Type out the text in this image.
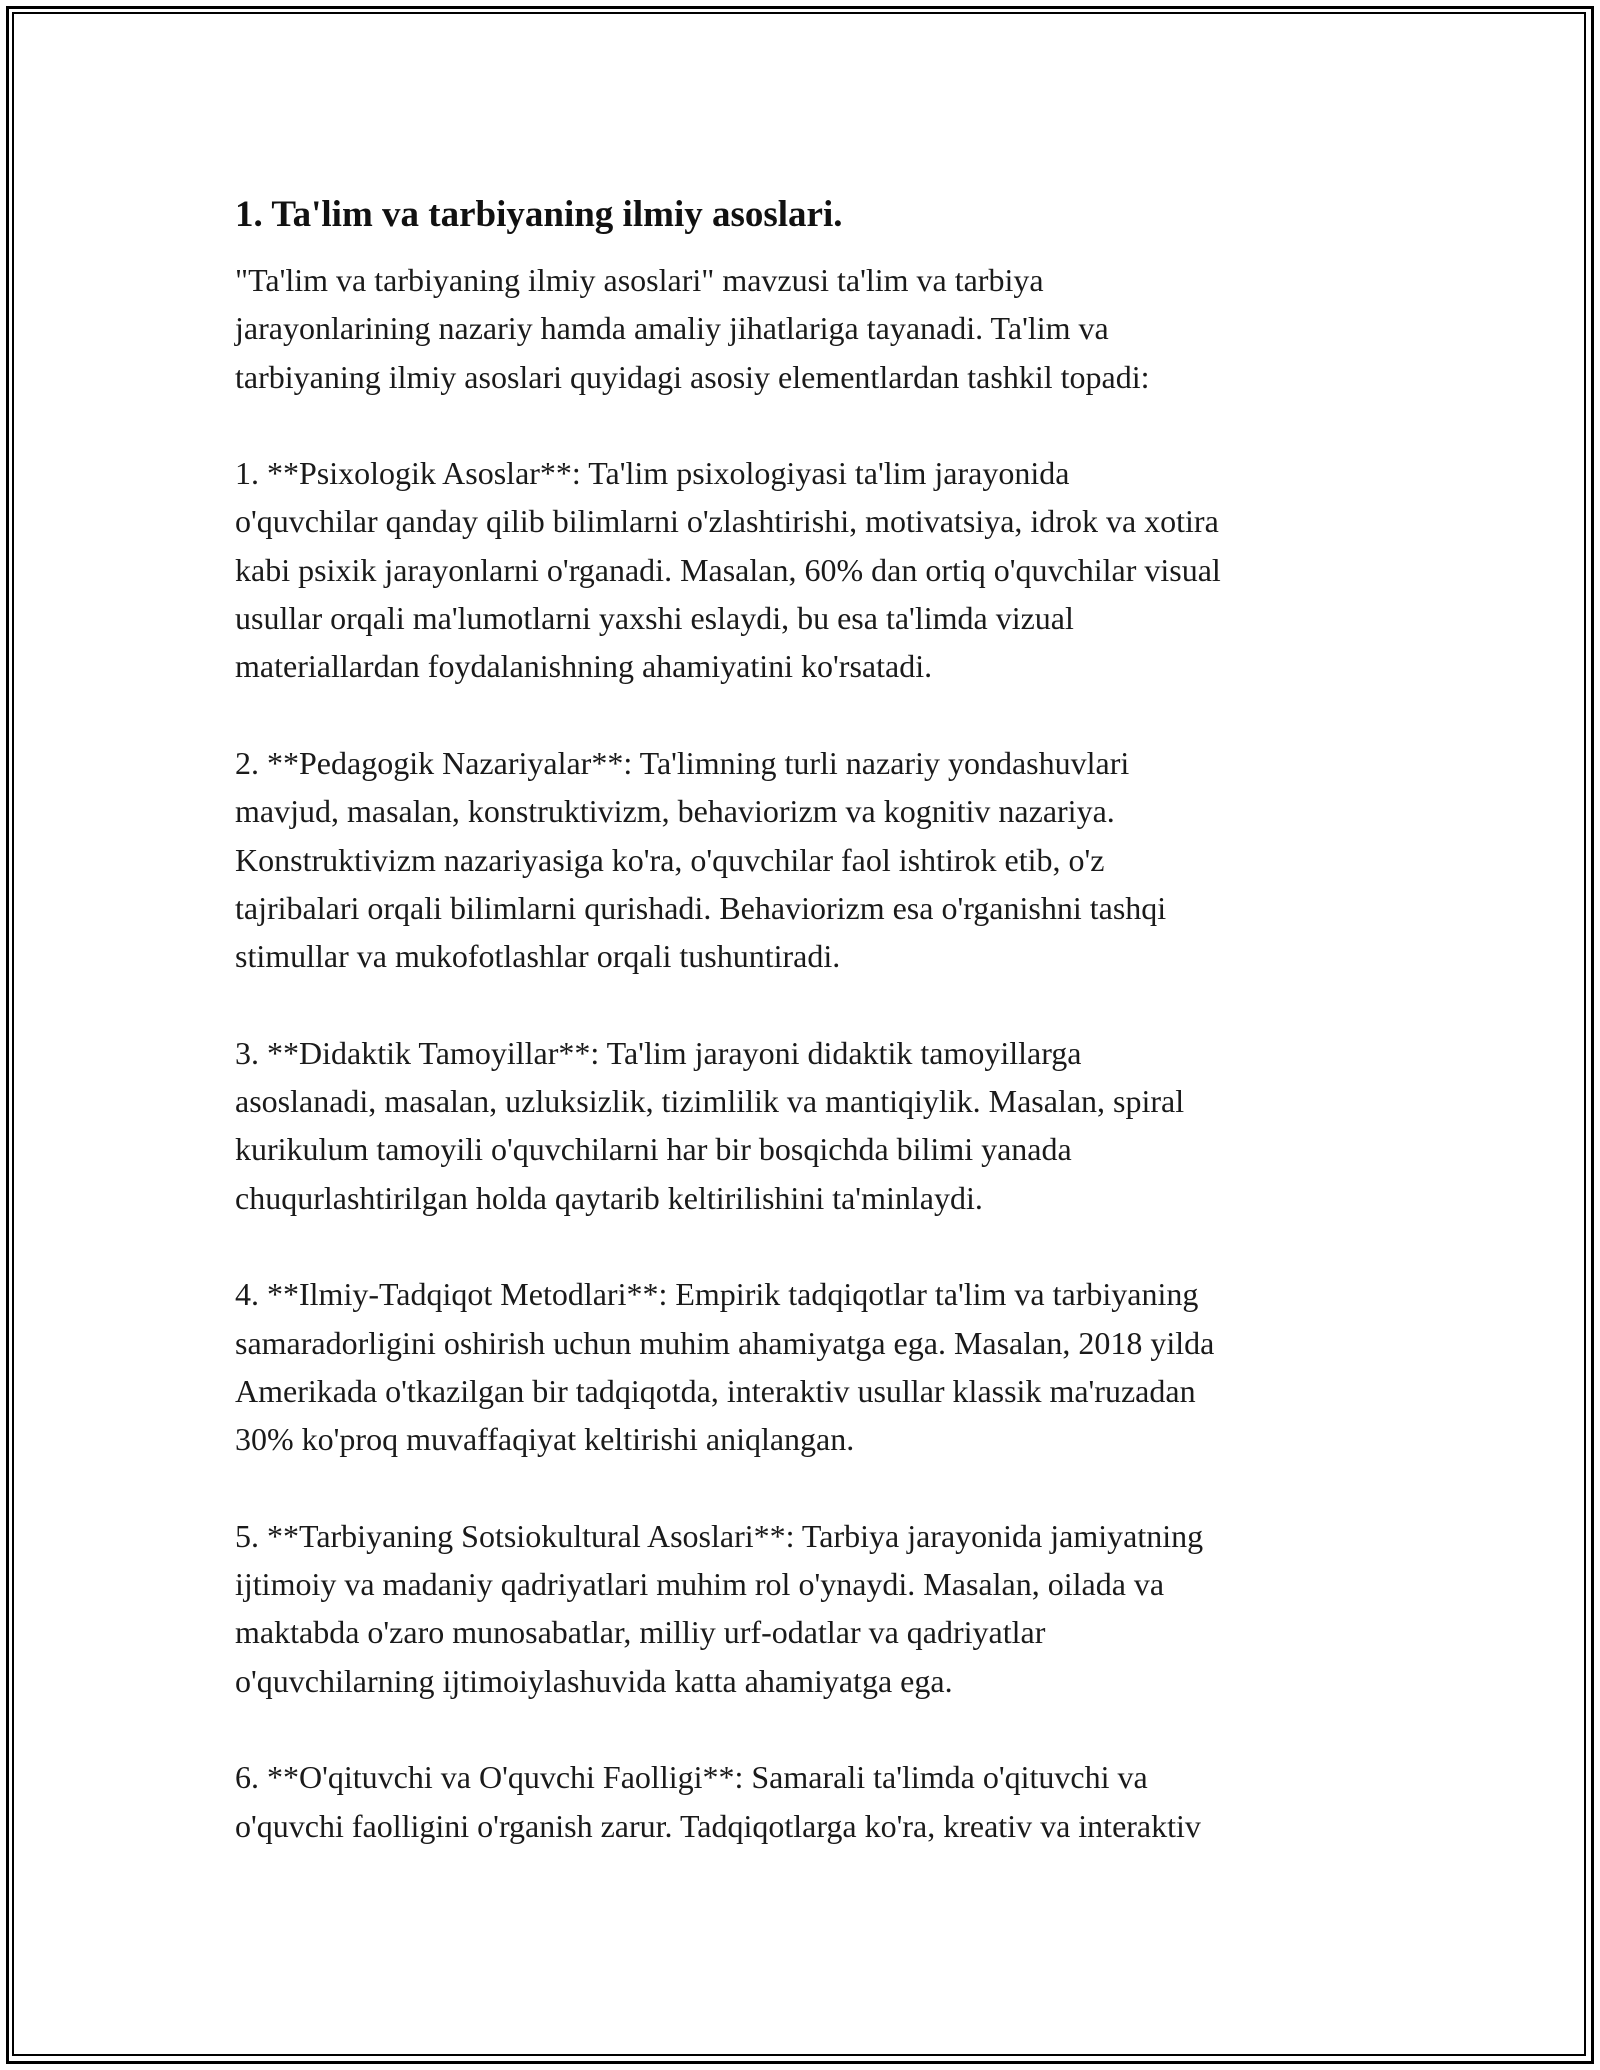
1. Ta'lim va tarbiyaning ilmiy asoslari.

"Ta'lim va tarbiyaning ilmiy asoslari" mavzusi ta'lim va tarbiya
jarayonlarining nazariy hamda amaliy jihatlariga tayanadi. Ta'lim va
tarbiyaning ilmiy asoslari quyidagi asosiy elementlardan tashkil topadi:

1. **Psixologik Asoslar**: Ta'lim psixologiyasi ta'lim jarayonida
o'quvchilar qanday qilib bilimlarni o'zlashtirishi, motivatsiya, idrok va xotira
kabi psixik jarayonlarni o'rganadi. Masalan, 60% dan ortiq o'quvchilar visual
usullar orqali ma'lumotlarni yaxshi eslaydi, bu esa ta'limda vizual
materiallardan foydalanishning ahamiyatini ko'rsatadi.

2. **Pedagogik Nazariyalar**: Ta'limning turli nazariy yondashuvlari
mavjud, masalan, konstruktivizm, behaviorizm va kognitiv nazariya.
Konstruktivizm nazariyasiga ko'ra, o'quvchilar faol ishtirok etib, o'z
tajribalari orqali bilimlarni qurishadi. Behaviorizm esa o'rganishni tashqi
stimullar va mukofotlashlar orqali tushuntiradi.

3. **Didaktik Tamoyillar**: Ta'lim jarayoni didaktik tamoyillarga
asoslanadi, masalan, uzluksizlik, tizimlilik va mantiqiylik. Masalan, spiral
kurikulum tamoyili o'quvchilarni har bir bosqichda bilimi yanada
chuqurlashtirilgan holda qaytarib keltirilishini ta'minlaydi.

4. **Ilmiy-Tadqiqot Metodlari**: Empirik tadqiqotlar ta'lim va tarbiyaning
samaradorligini oshirish uchun muhim ahamiyatga ega. Masalan, 2018 yilda
Amerikada o'tkazilgan bir tadqiqotda, interaktiv usullar klassik ma'ruzadan
30% ko'proq muvaffaqiyat keltirishi aniqlangan.

5. **Tarbiyaning Sotsiokultural Asoslari**: Tarbiya jarayonida jamiyatning
ijtimoiy va madaniy qadriyatlari muhim rol o'ynaydi. Masalan, oilada va
maktabda o'zaro munosabatlar, milliy urf-odatlar va qadriyatlar
o'quvchilarning ijtimoiylashuvida katta ahamiyatga ega.

6. **O'qituvchi va O'quvchi Faolligi**: Samarali ta'limda o'qituvchi va
o'quvchi faolligini o'rganish zarur. Tadqiqotlarga ko'ra, kreativ va interaktiv
